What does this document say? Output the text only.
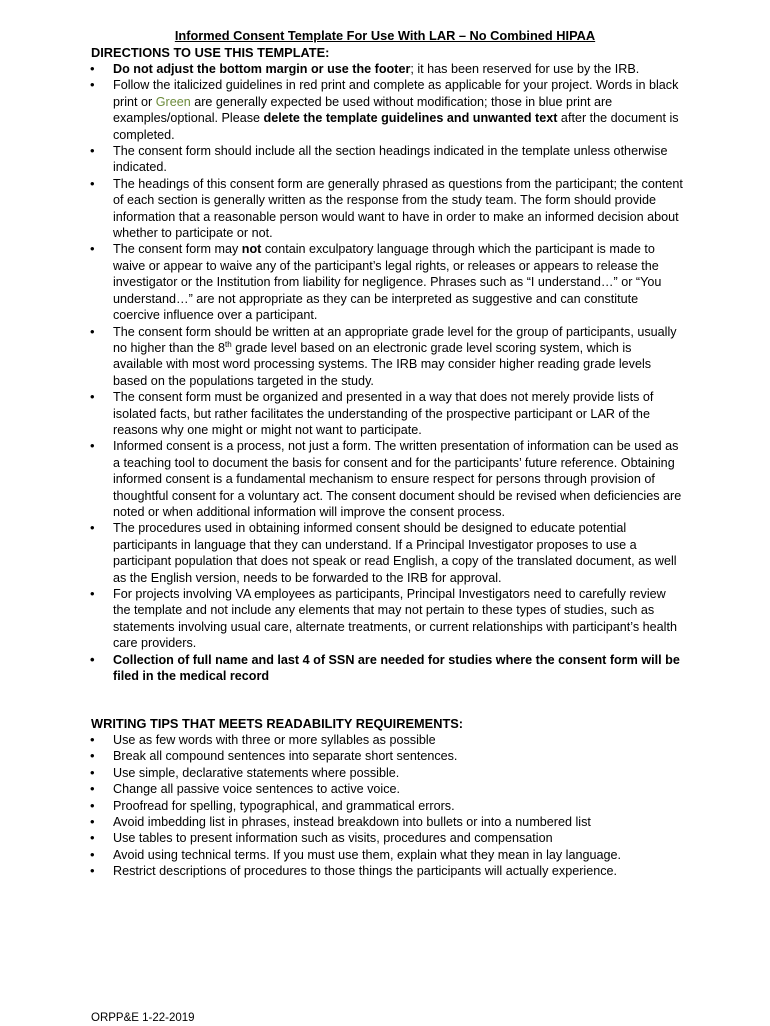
Informed Consent Template For Use With LAR – No Combined HIPAA
DIRECTIONS TO USE THIS TEMPLATE:
• Do not adjust the bottom margin or use the footer; it has been reserved for use by the IRB.
• Follow the italicized guidelines in red print and complete as applicable for your project. Words in black print or Green are generally expected be used without modification; those in blue print are examples/optional. Please delete the template guidelines and unwanted text after the document is completed.
• The consent form should include all the section headings indicated in the template unless otherwise indicated.
• The headings of this consent form are generally phrased as questions from the participant; the content of each section is generally written as the response from the study team. The form should provide information that a reasonable person would want to have in order to make an informed decision about whether to participate or not.
• The consent form may not contain exculpatory language through which the participant is made to waive or appear to waive any of the participant’s legal rights, or releases or appears to release the investigator or the Institution from liability for negligence. Phrases such as “I understand…” or “You understand…” are not appropriate as they can be interpreted as suggestive and can constitute coercive influence over a participant.
• The consent form should be written at an appropriate grade level for the group of participants, usually no higher than the 8th grade level based on an electronic grade level scoring system, which is available with most word processing systems. The IRB may consider higher reading grade levels based on the populations targeted in the study.
• The consent form must be organized and presented in a way that does not merely provide lists of isolated facts, but rather facilitates the understanding of the prospective participant or LAR of the reasons why one might or might not want to participate.
• Informed consent is a process, not just a form. The written presentation of information can be used as a teaching tool to document the basis for consent and for the participants’ future reference. Obtaining informed consent is a fundamental mechanism to ensure respect for persons through provision of thoughtful consent for a voluntary act. The consent document should be revised when deficiencies are noted or when additional information will improve the consent process.
• The procedures used in obtaining informed consent should be designed to educate potential participants in language that they can understand. If a Principal Investigator proposes to use a participant population that does not speak or read English, a copy of the translated document, as well as the English version, needs to be forwarded to the IRB for approval.
• For projects involving VA employees as participants, Principal Investigators need to carefully review the template and not include any elements that may not pertain to these types of studies, such as statements involving usual care, alternate treatments, or current relationships with participant’s health care providers.
• Collection of full name and last 4 of SSN are needed for studies where the consent form will be filed in the medical record
WRITING TIPS THAT MEETS READABILITY REQUIREMENTS:
• Use as few words with three or more syllables as possible
• Break all compound sentences into separate short sentences.
• Use simple, declarative statements where possible.
• Change all passive voice sentences to active voice.
• Proofread for spelling, typographical, and grammatical errors.
• Avoid imbedding list in phrases, instead breakdown into bullets or into a numbered list
• Use tables to present information such as visits, procedures and compensation
• Avoid using technical terms. If you must use them, explain what they mean in lay language.
• Restrict descriptions of procedures to those things the participants will actually experience.
ORPP&E 1-22-2019
